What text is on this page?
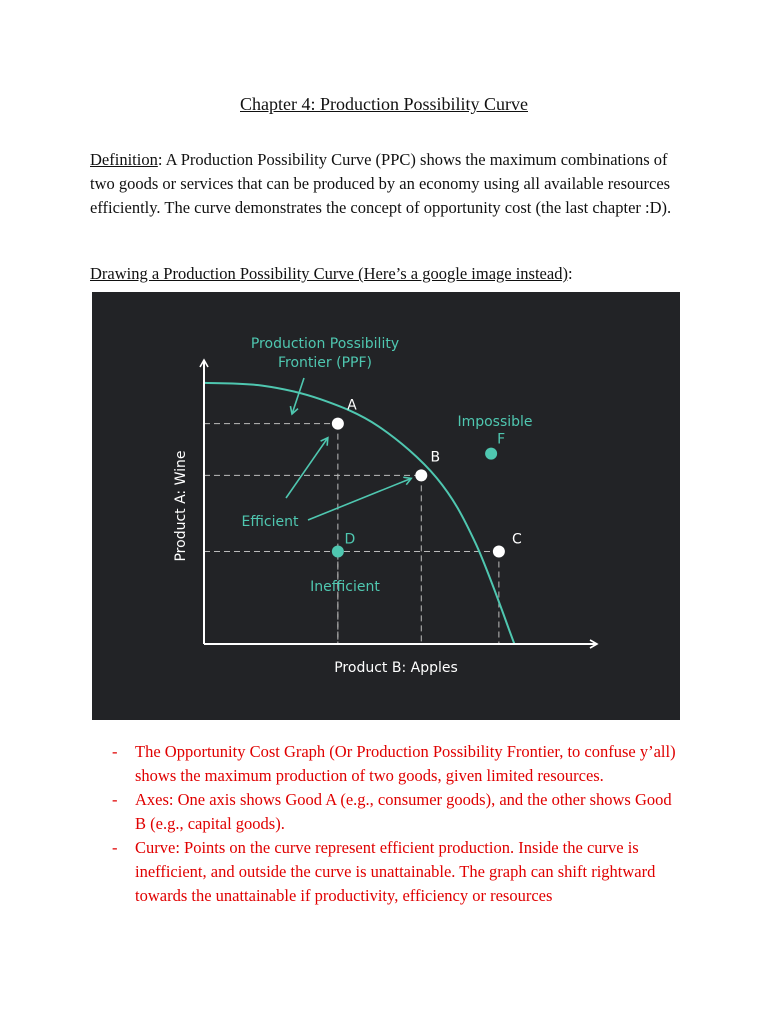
Chapter 4: Production Possibility Curve
Definition: A Production Possibility Curve (PPC) shows the maximum combinations of two goods or services that can be produced by an economy using all available resources efficiently. The curve demonstrates the concept of opportunity cost (the last chapter :D).
Drawing a Production Possibility Curve (Here’s a google image instead):
A
B
C
D
F
Production Possibility
Frontier (PPF)
Product B: Apples
Product A: Wine	Efficient
Inefficient
Impossible
- The Opportunity Cost Graph (Or Production Possibility Frontier, to confuse y’all) shows the maximum production of two goods, given limited resources.
- Axes: One axis shows Good A (e.g., consumer goods), and the other shows Good B (e.g., capital goods).
- Curve: Points on the curve represent efficient production. Inside the curve is inefficient, and outside the curve is unattainable. The graph can shift rightward towards the unattainable if productivity, efficiency or resources
